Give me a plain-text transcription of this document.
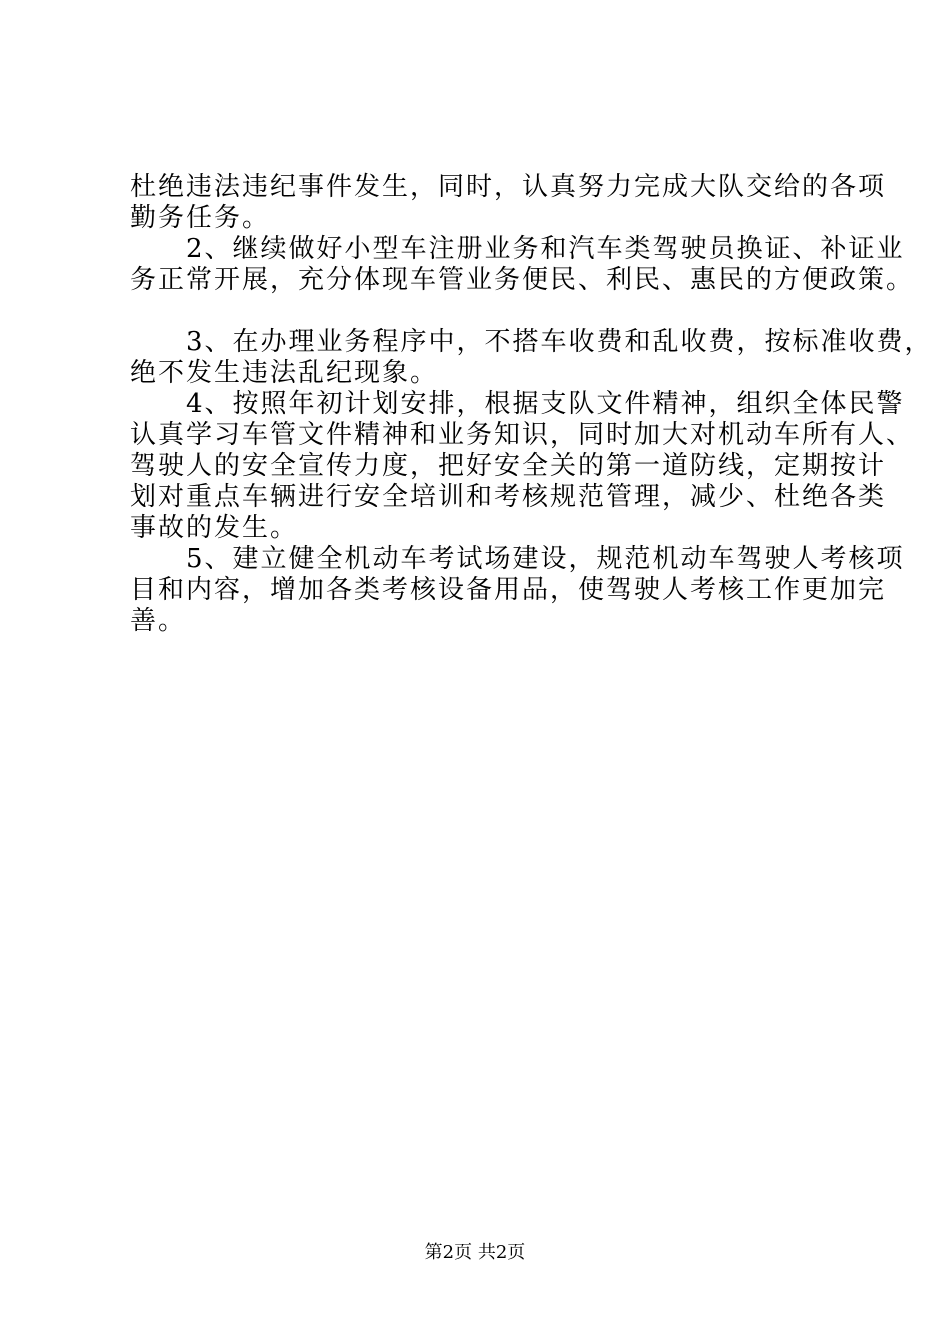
杜绝违法违纪事件发生，同时，认真努力完成大队交给的各项
勤务任务。
　　2、继续做好小型车注册业务和汽车类驾驶员换证、补证业
务正常开展，充分体现车管业务便民、利民、惠民的方便政策。
　　3、在办理业务程序中，不搭车收费和乱收费，按标准收费，
绝不发生违法乱纪现象。
　　4、按照年初计划安排，根据支队文件精神，组织全体民警
认真学习车管文件精神和业务知识，同时加大对机动车所有人、
驾驶人的安全宣传力度，把好安全关的第一道防线，定期按计
划对重点车辆进行安全培训和考核规范管理，减少、杜绝各类
事故的发生。
　　5、建立健全机动车考试场建设，规范机动车驾驶人考核项
目和内容，增加各类考核设备用品，使驾驶人考核工作更加完
善。
第2页 共2页
